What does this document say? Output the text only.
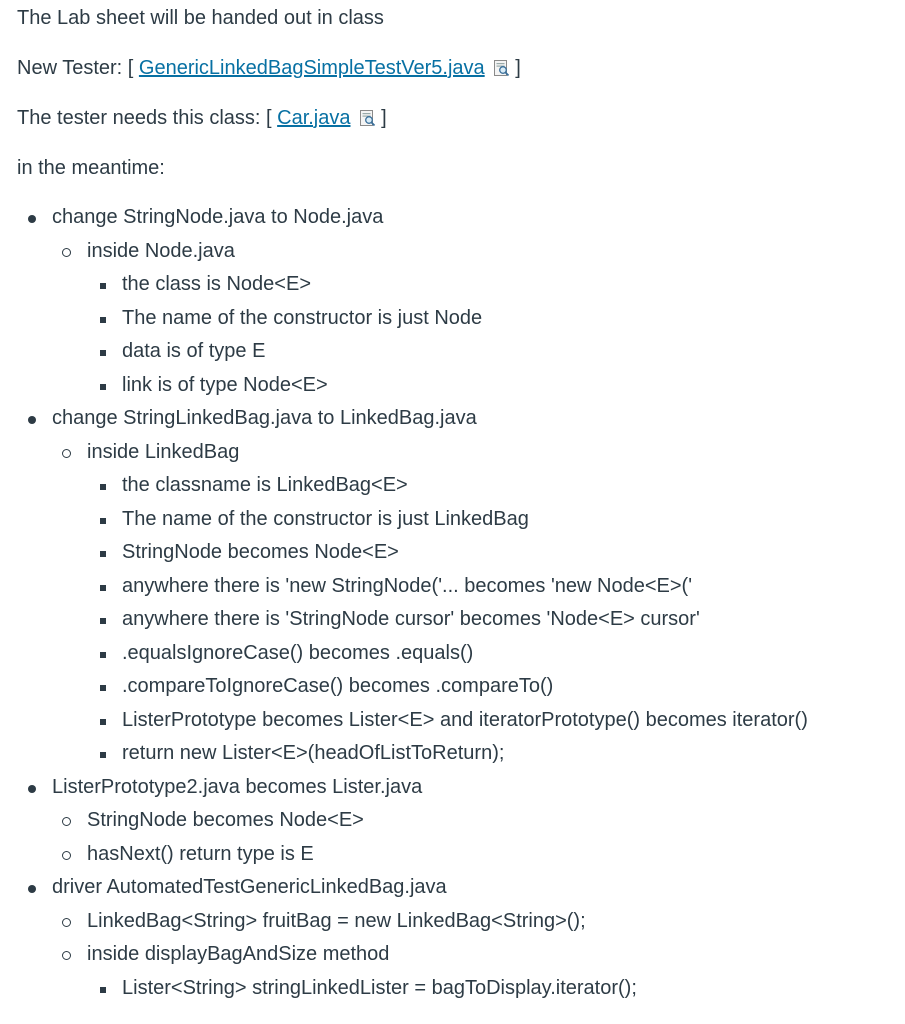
The Lab sheet will be handed out in class

New Tester: [ GenericLinkedBagSimpleTestVer5.java ]

The tester needs this class: [ Car.java ]

in the meantime:

change StringNode.java to Node.java
inside Node.java
the class is Node<E>
The name of the constructor is just Node
data is of type E
link is of type Node<E>
change StringLinkedBag.java to LinkedBag.java
inside LinkedBag
the classname is LinkedBag<E>
The name of the constructor is just LinkedBag
StringNode becomes Node<E>
anywhere there is 'new StringNode('... becomes 'new Node<E>('
anywhere there is 'StringNode cursor' becomes 'Node<E> cursor'
.equalsIgnoreCase() becomes .equals()
.compareToIgnoreCase() becomes .compareTo()
ListerPrototype becomes Lister<E> and iteratorPrototype() becomes iterator()
return new Lister<E>(headOfListToReturn);
ListerPrototype2.java becomes Lister.java
StringNode becomes Node<E>
hasNext() return type is E
driver AutomatedTestGenericLinkedBag.java
LinkedBag<String> fruitBag = new LinkedBag<String>();
inside displayBagAndSize method
Lister<String> stringLinkedLister = bagToDisplay.iterator();
